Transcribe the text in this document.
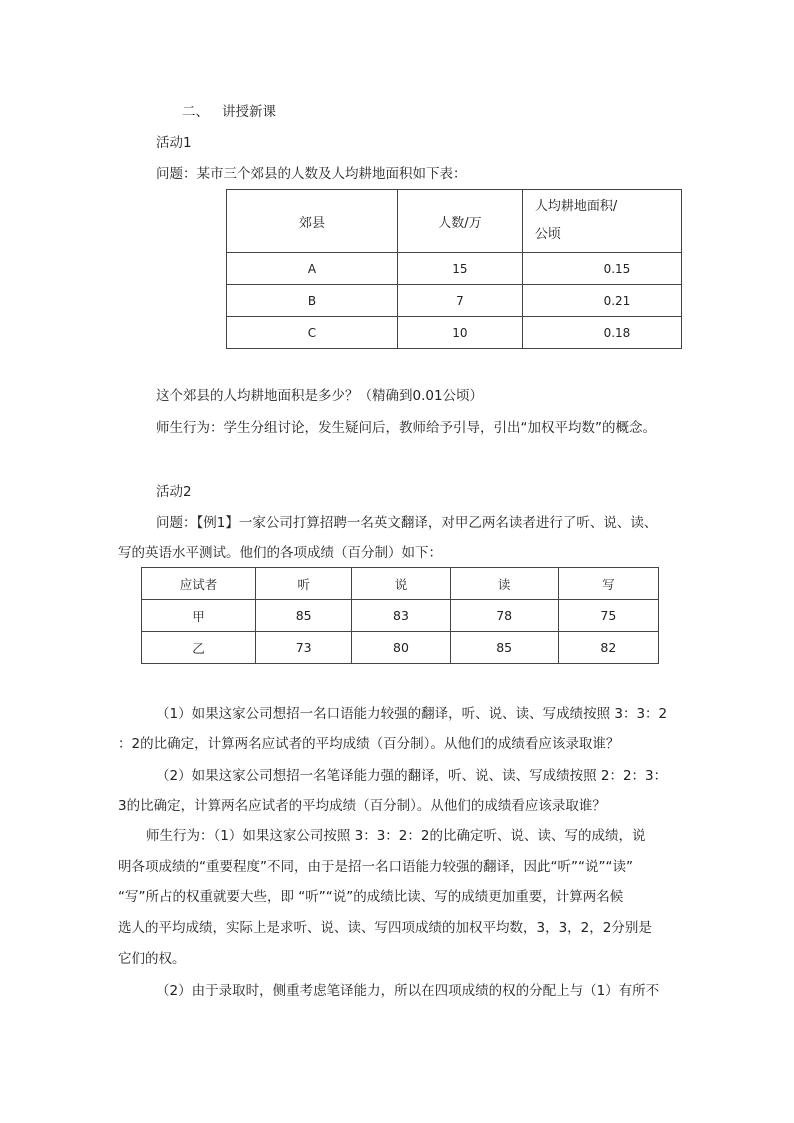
二、 讲授新课
活动1
问题：某市三个郊县的人数及人均耕地面积如下表：
郊县	人数/万	人均耕地面积/
公顷

A	15	0.15
B	7	0.21
C	10	0.18
这个郊县的人均耕地面积是多少？（精确到0.01公顷）
师生行为：学生分组讨论，发生疑问后，教师给予引导，引出“加权平均数”的概念。
活动2
问题：【例1】一家公司打算招聘一名英文翻译，对甲乙两名读者进行了听、说、读、
写的英语水平测试。他们的各项成绩（百分制）如下：
应试者	听	说	读	写
甲	85	83	78	75
乙	73	80	85	82
（1）如果这家公司想招一名口语能力较强的翻译，听、说、读、写成绩按照 3：3：2
：2的比确定，计算两名应试者的平均成绩（百分制）。从他们的成绩看应该录取谁？
（2）如果这家公司想招一名笔译能力强的翻译，听、说、读、写成绩按照 2：2：3：
3的比确定，计算两名应试者的平均成绩（百分制）。从他们的成绩看应该录取谁？
师生行为：（1）如果这家公司按照 3：3：2：2的比确定听、说、读、写的成绩，说
明各项成绩的“重要程度”不同，由于是招一名口语能力较强的翻译，因此“听”“说”“读”
“写”所占的权重就要大些，即 “听”“说”的成绩比读、写的成绩更加重要，计算两名候
选人的平均成绩，实际上是求听、说、读、写四项成绩的加权平均数，3，3，2，2分别是
它们的权。
（2）由于录取时，侧重考虑笔译能力，所以在四项成绩的权的分配上与（1）有所不
